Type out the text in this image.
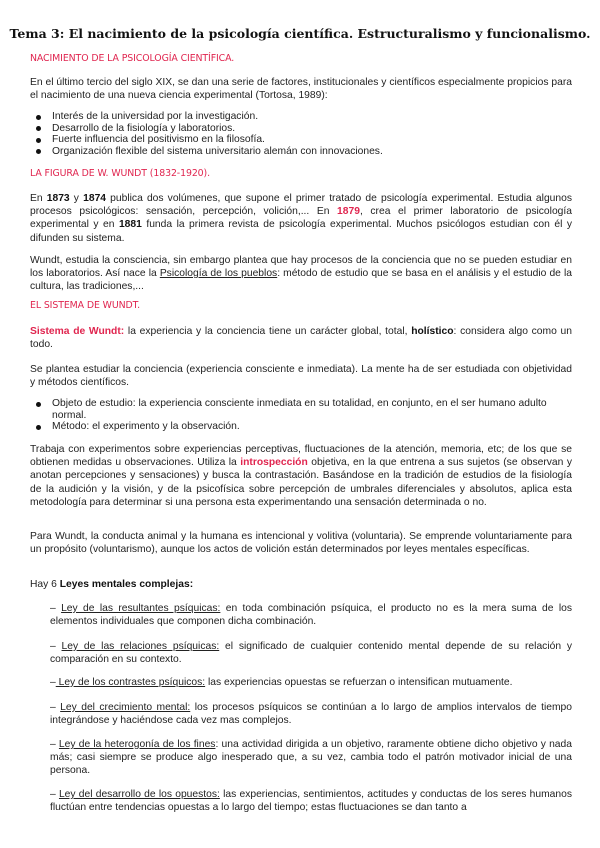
Tema 3: El nacimiento de la psicología científica. Estructuralismo y funcionalismo.
NACIMIENTO DE LA PSICOLOGÍA CIENTÍFICA.

En el último tercio del siglo XIX, se dan una serie de factores, institucionales y científicos especialmente propicios para el nacimiento de una nueva ciencia experimental (Tortosa, 1989):

Interés de la universidad por la investigación.
Desarrollo de la fisiología y laboratorios.
Fuerte influencia del positivismo en la filosofía.
Organización flexible del sistema universitario alemán con innovaciones.
LA FIGURA DE W. WUNDT (1832-1920).

En 1873 y 1874 publica dos volúmenes, que supone el primer tratado de psicología experimental. Estudia algunos procesos psicológicos: sensación, percepción, volición,... En 1879, crea el primer laboratorio de psicología experimental y en 1881 funda la primera revista de psicología experimental. Muchos psicólogos estudian con él y difunden su sistema.

Wundt, estudia la consciencia, sin embargo plantea que hay procesos de la conciencia que no se pueden estudiar en los laboratorios. Así nace la Psicología de los pueblos: método de estudio que se basa en el análisis y el estudio de la cultura, las tradiciones,...

EL SISTEMA DE WUNDT.

Sistema de Wundt: la experiencia y la conciencia tiene un carácter global, total, holístico: considera algo como un todo.

Se plantea estudiar la conciencia (experiencia consciente e inmediata). La mente ha de ser estudiada con objetividad y métodos científicos.

Objeto de estudio: la experiencia consciente inmediata en su totalidad, en conjunto, en el ser humano adulto normal.
Método: el experimento y la observación.

Trabaja con experimentos sobre experiencias perceptivas, fluctuaciones de la atención, memoria, etc; de los que se obtienen medidas u observaciones. Utiliza la introspección objetiva, en la que entrena a sus sujetos (se observan y anotan percepciones y sensaciones) y busca la contrastación. Basándose en la tradición de estudios de la fisiología de la audición y la visión, y de la psicofísica sobre percepción de umbrales diferenciales y absolutos, aplica esta metodología para determinar si una persona esta experimentando una sensación determinada o no.

Para Wundt, la conducta animal y la humana es intencional y volitiva (voluntaria). Se emprende voluntariamente para un propósito (voluntarismo), aunque los actos de volición están determinados por leyes mentales específicas.

Hay 6 Leyes mentales complejas:

– Ley de las resultantes psíquicas: en toda combinación psíquica, el producto no es la mera suma de los elementos individuales que componen dicha combinación.

– Ley de las relaciones psíquicas: el significado de cualquier contenido mental depende de su relación y comparación en su contexto.

– Ley de los contrastes psíquicos: las experiencias opuestas se refuerzan o intensifican mutuamente.

– Ley del crecimiento mental: los procesos psíquicos se continúan a lo largo de amplios intervalos de tiempo integrándose y haciéndose cada vez mas complejos.

– Ley de la heterogonía de los fines: una actividad dirigida a un objetivo, raramente obtiene dicho objetivo y nada más; casi siempre se produce algo inesperado que, a su vez, cambia todo el patrón motivador inicial de una persona.

– Ley del desarrollo de los opuestos: las experiencias, sentimientos, actitudes y conductas de los seres humanos fluctúan entre tendencias opuestas a lo largo del tiempo; estas fluctuaciones se dan tanto a
